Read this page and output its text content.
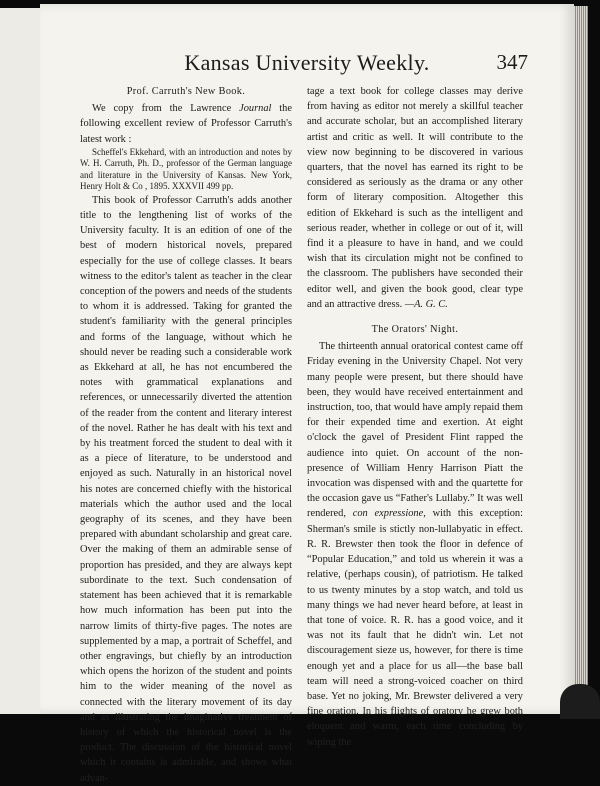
Kansas University Weekly.	347
Prof. Carruth's New Book.

We copy from the Lawrence Journal the following excellent review of Professor Carruth's latest work :

Scheffel's Ekkehard, with an introduction and notes by W. H. Carruth, Ph. D., professor of the German language and literature in the University of Kansas. New York, Henry Holt & Co , 1895. XXXVII 499 pp.

This book of Professor Carruth's adds another title to the lengthening list of works of the University faculty. It is an edition of one of the best of modern historical novels, prepared especially for the use of college classes. It bears witness to the editor's talent as teacher in the clear conception of the powers and needs of the students to whom it is addressed. Taking for granted the student's familiarity with the general principles and forms of the language, without which he should never be reading such a considerable work as Ekkehard at all, he has not encumbered the notes with grammatical explanations and references, or unnecessarily diverted the attention of the reader from the content and literary interest of the novel. Rather he has dealt with his text and by his treatment forced the student to deal with it as a piece of literature, to be understood and enjoyed as such. Naturally in an historical novel his notes are concerned chiefly with the historical materials which the author used and the local geography of its scenes, and they have been prepared with abundant scholarship and great care. Over the making of them an admirable sense of proportion has presided, and they are always kept subordinate to the text. Such condensation of statement has been achieved that it is remarkable how much information has been put into the narrow limits of thirty-five pages. The notes are supplemented by a map, a portrait of Scheffel, and other engravings, but chiefly by an introduction which opens the horizon of the student and points him to the wider meaning of the novel as connected with the literary movement of its day and as illustrating the imaginative treatment of history of which the historical novel is the product. The discussion of the historical novel which it contains is admirable, and shows what advan-

tage a text book for college classes may derive from having as editor not merely a skillful teacher and accurate scholar, but an accomplished literary artist and critic as well. It will contribute to the view now beginning to be discovered in various quarters, that the novel has earned its right to be considered as seriously as the drama or any other form of literary composition. Altogether this edition of Ekkehard is such as the intelligent and serious reader, whether in college or out of it, will find it a pleasure to have in hand, and we could wish that its circulation might not be confined to the classroom. The publishers have seconded their editor well, and given the book good, clear type and an attractive dress. —A. G. C.

The Orators' Night.

The thirteenth annual oratorical contest came off Friday evening in the University Chapel. Not very many people were present, but there should have been, they would have received entertainment and instruction, too, that would have amply repaid them for their expended time and exertion. At eight o'clock the gavel of President Flint rapped the audience into quiet. On account of the non-presence of William Henry Harrison Piatt the invocation was dispensed with and the quartette for the occasion gave us “Father's Lullaby.” It was well rendered, con expressione, with this exception: Sherman's smile is stictly non-lullabyatic in effect. R. R. Brewster then took the floor in defence of “Popular Education,” and told us wherein it was a relative, (perhaps cousin), of patriotism. He talked to us twenty minutes by a stop watch, and told us many things we had never heard before, at least in that tone of voice. R. R. has a good voice, and it was not its fault that he didn't win. Let not discouragement sieze us, however, for there is time enough yet and a place for us all—the base ball team will need a strong-voiced coacher on third base. Yet no joking, Mr. Brewster delivered a very fine oration. In his flights of oratory he grew both eloquent and warm, each time concluding by wiping the
